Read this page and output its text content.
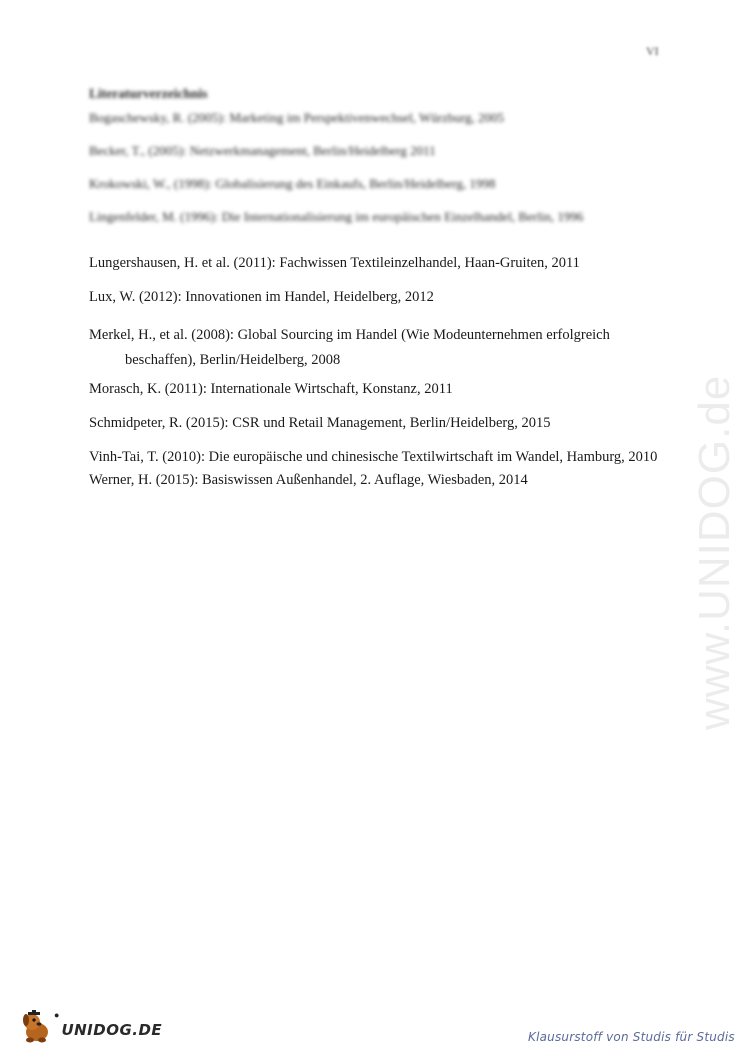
VI
Literaturverzeichnis
Bogaschewsky, R. (2005): Marketing im Perspektivenwechsel, Würzburg, 2005
Becker, T., (2005): Netzwerkmanagement, Berlin/Heidelberg 2011
Krokowski, W., (1998): Globalisierung des Einkaufs, Berlin/Heidelberg, 1998
Lingenfelder, M. (1996): Die Internationalisierung im europäischen Einzelhandel, Berlin, 1996
Lungershausen, H. et al. (2011): Fachwissen Textileinzelhandel, Haan-Gruiten, 2011
Lux, W. (2012): Innovationen im Handel, Heidelberg, 2012
Merkel, H., et al. (2008): Global Sourcing im Handel (Wie Modeunternehmen erfolgreich beschaffen), Berlin/Heidelberg, 2008
Morasch, K. (2011): Internationale Wirtschaft, Konstanz, 2011
Schmidpeter, R. (2015): CSR und Retail Management, Berlin/Heidelberg, 2015
Vinh-Tai, T. (2010): Die europäische und chinesische Textilwirtschaft im Wandel, Hamburg, 2010
Werner, H. (2015): Basiswissen Außenhandel, 2. Auflage, Wiesbaden, 2014	www.UNIDOG.de
●
UNIDOG.DE	Klausurstoff von Studis für Studis
